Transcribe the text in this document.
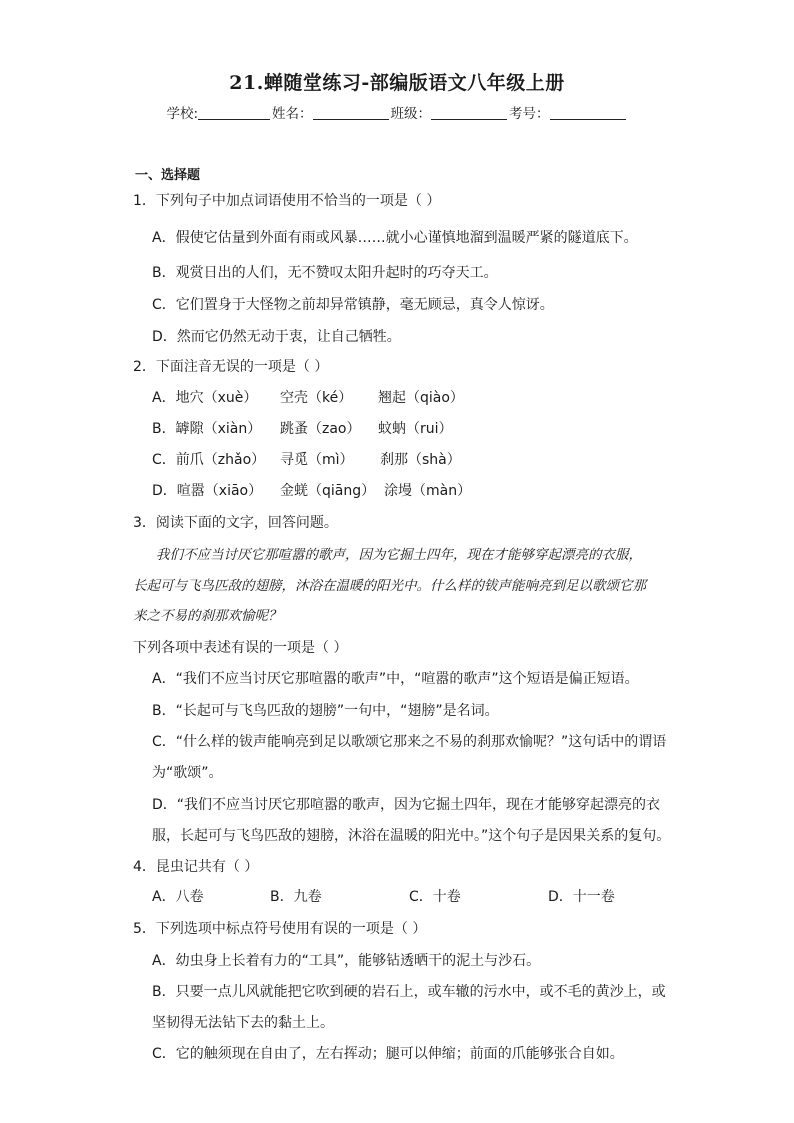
21.蝉随堂练习-部编版语文八年级上册
学校:	姓名：	班级：	考号：
一、选择题
1．下列句子中加点词语使用不恰当的一项是（ ）
A．假使它估量到外面有雨或风暴……就小心谨慎地溜到温暖严紧的隧道底下。
B．观赏日出的人们，无不赞叹太阳升起时的巧夺天工。
C．它们置身于大怪物之前却异常镇静，毫无顾忌，真令人惊讶。
D．然而它仍然无动于衷，让自己牺牲。
2．下面注音无误的一项是（ ）
A．地穴（xuè） 空壳（ké） 翘起（qiào）
B．罅隙（xiàn） 跳蚤（zao） 蚊蚋（rui）
C．前爪（zhǎo） 寻觅（mì） 刹那（shà）
D．喧嚣（xiāo） 金蜣（qiāng） 涂墁（màn）
3．阅读下面的文字，回答问题。
我们不应当讨厌它那喧嚣的歌声，因为它掘土四年，现在才能够穿起漂亮的衣服，
长起可与飞鸟匹敌的翅膀，沐浴在温暖的阳光中。什么样的钹声能响亮到足以歌颂它那
来之不易的刹那欢愉呢？
下列各项中表述有误的一项是（ ）
A．“我们不应当讨厌它那喧嚣的歌声”中，“喧嚣的歌声”这个短语是偏正短语。
B．“长起可与飞鸟匹敌的翅膀”一句中，“翅膀”是名词。
C．“什么样的钹声能响亮到足以歌颂它那来之不易的刹那欢愉呢？”这句话中的谓语
为“歌颂”。
D．“我们不应当讨厌它那喧嚣的歌声，因为它掘土四年，现在才能够穿起漂亮的衣
服，长起可与飞鸟匹敌的翅膀，沐浴在温暖的阳光中。”这个句子是因果关系的复句。
4．昆虫记共有（ ）
A．八卷	B．九卷	C．十卷	D．十一卷
5．下列选项中标点符号使用有误的一项是（ ）
A．幼虫身上长着有力的“工具”，能够钻透晒干的泥土与沙石。
B．只要一点儿风就能把它吹到硬的岩石上，或车辙的污水中，或不毛的黄沙上，或
坚韧得无法钻下去的黏土上。
C．它的触须现在自由了，左右挥动；腿可以伸缩；前面的爪能够张合自如。
